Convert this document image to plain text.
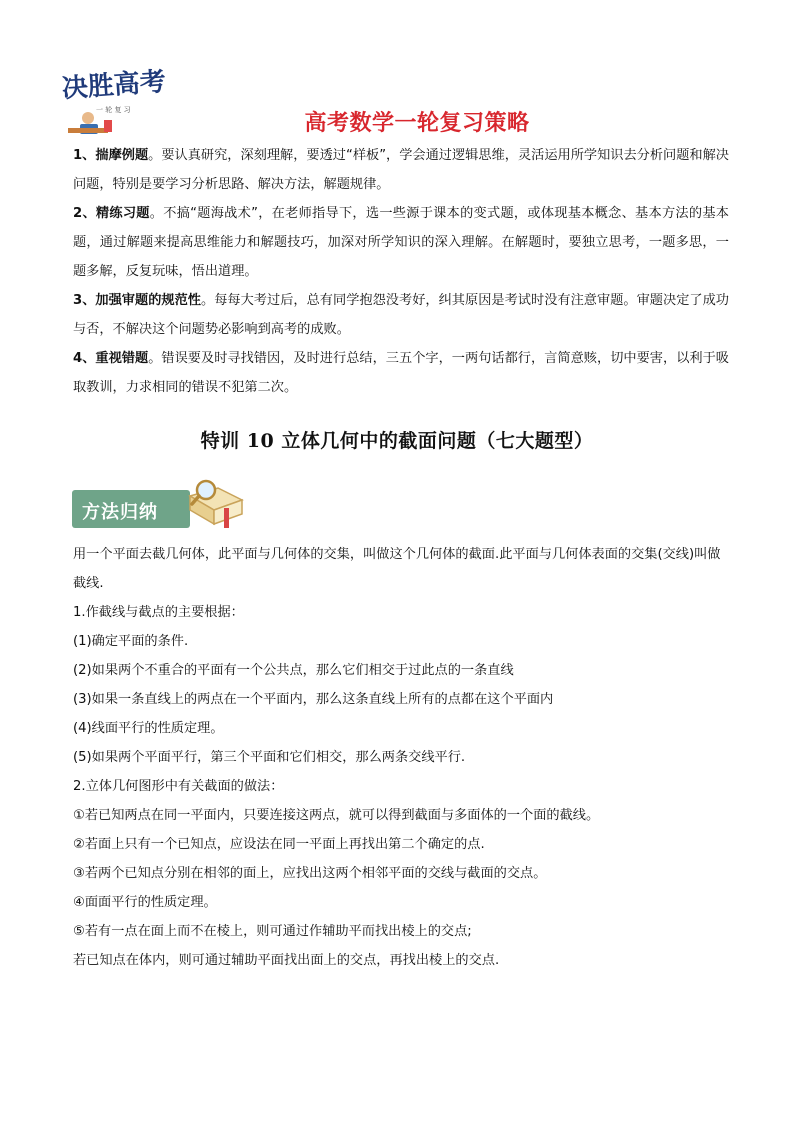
决胜高考
一 轮 复 习
高考数学一轮复习策略

1、揣摩例题。要认真研究，深刻理解，要透过“样板”，学会通过逻辑思维，灵活运用所学知识去分析问题和解决问题，特别是要学习分析思路、解决方法，解题规律。

2、精练习题。不搞“题海战术”，在老师指导下，选一些源于课本的变式题，或体现基本概念、基本方法的基本题，通过解题来提高思维能力和解题技巧，加深对所学知识的深入理解。在解题时，要独立思考，一题多思，一题多解，反复玩味，悟出道理。

3、加强审题的规范性。每每大考过后，总有同学抱怨没考好，纠其原因是考试时没有注意审题。审题决定了成功与否，不解决这个问题势必影响到高考的成败。

4、重视错题。错误要及时寻找错因，及时进行总结，三五个字，一两句话都行，言简意赅，切中要害，以利于吸取教训，力求相同的错误不犯第二次。

特训 10 立体几何中的截面问题（七大题型）
方法归纳

用一个平面去截几何体，此平面与几何体的交集，叫做这个几何体的截面.此平面与几何体表面的交集(交线)叫做截线.

1.作截线与截点的主要根据：

(1)确定平面的条件.

(2)如果两个不重合的平面有一个公共点，那么它们相交于过此点的一条直线

(3)如果一条直线上的两点在一个平面内，那么这条直线上所有的点都在这个平面内

(4)线面平行的性质定理。

(5)如果两个平面平行，第三个平面和它们相交，那么两条交线平行.

2.立体几何图形中有关截面的做法：

①若已知两点在同一平面内，只要连接这两点，就可以得到截面与多面体的一个面的截线。

②若面上只有一个已知点，应设法在同一平面上再找出第二个确定的点.

③若两个已知点分别在相邻的面上，应找出这两个相邻平面的交线与截面的交点。

④面面平行的性质定理。

⑤若有一点在面上而不在棱上，则可通过作辅助平而找出棱上的交点;

若已知点在体内，则可通过辅助平面找出面上的交点，再找出棱上的交点.
